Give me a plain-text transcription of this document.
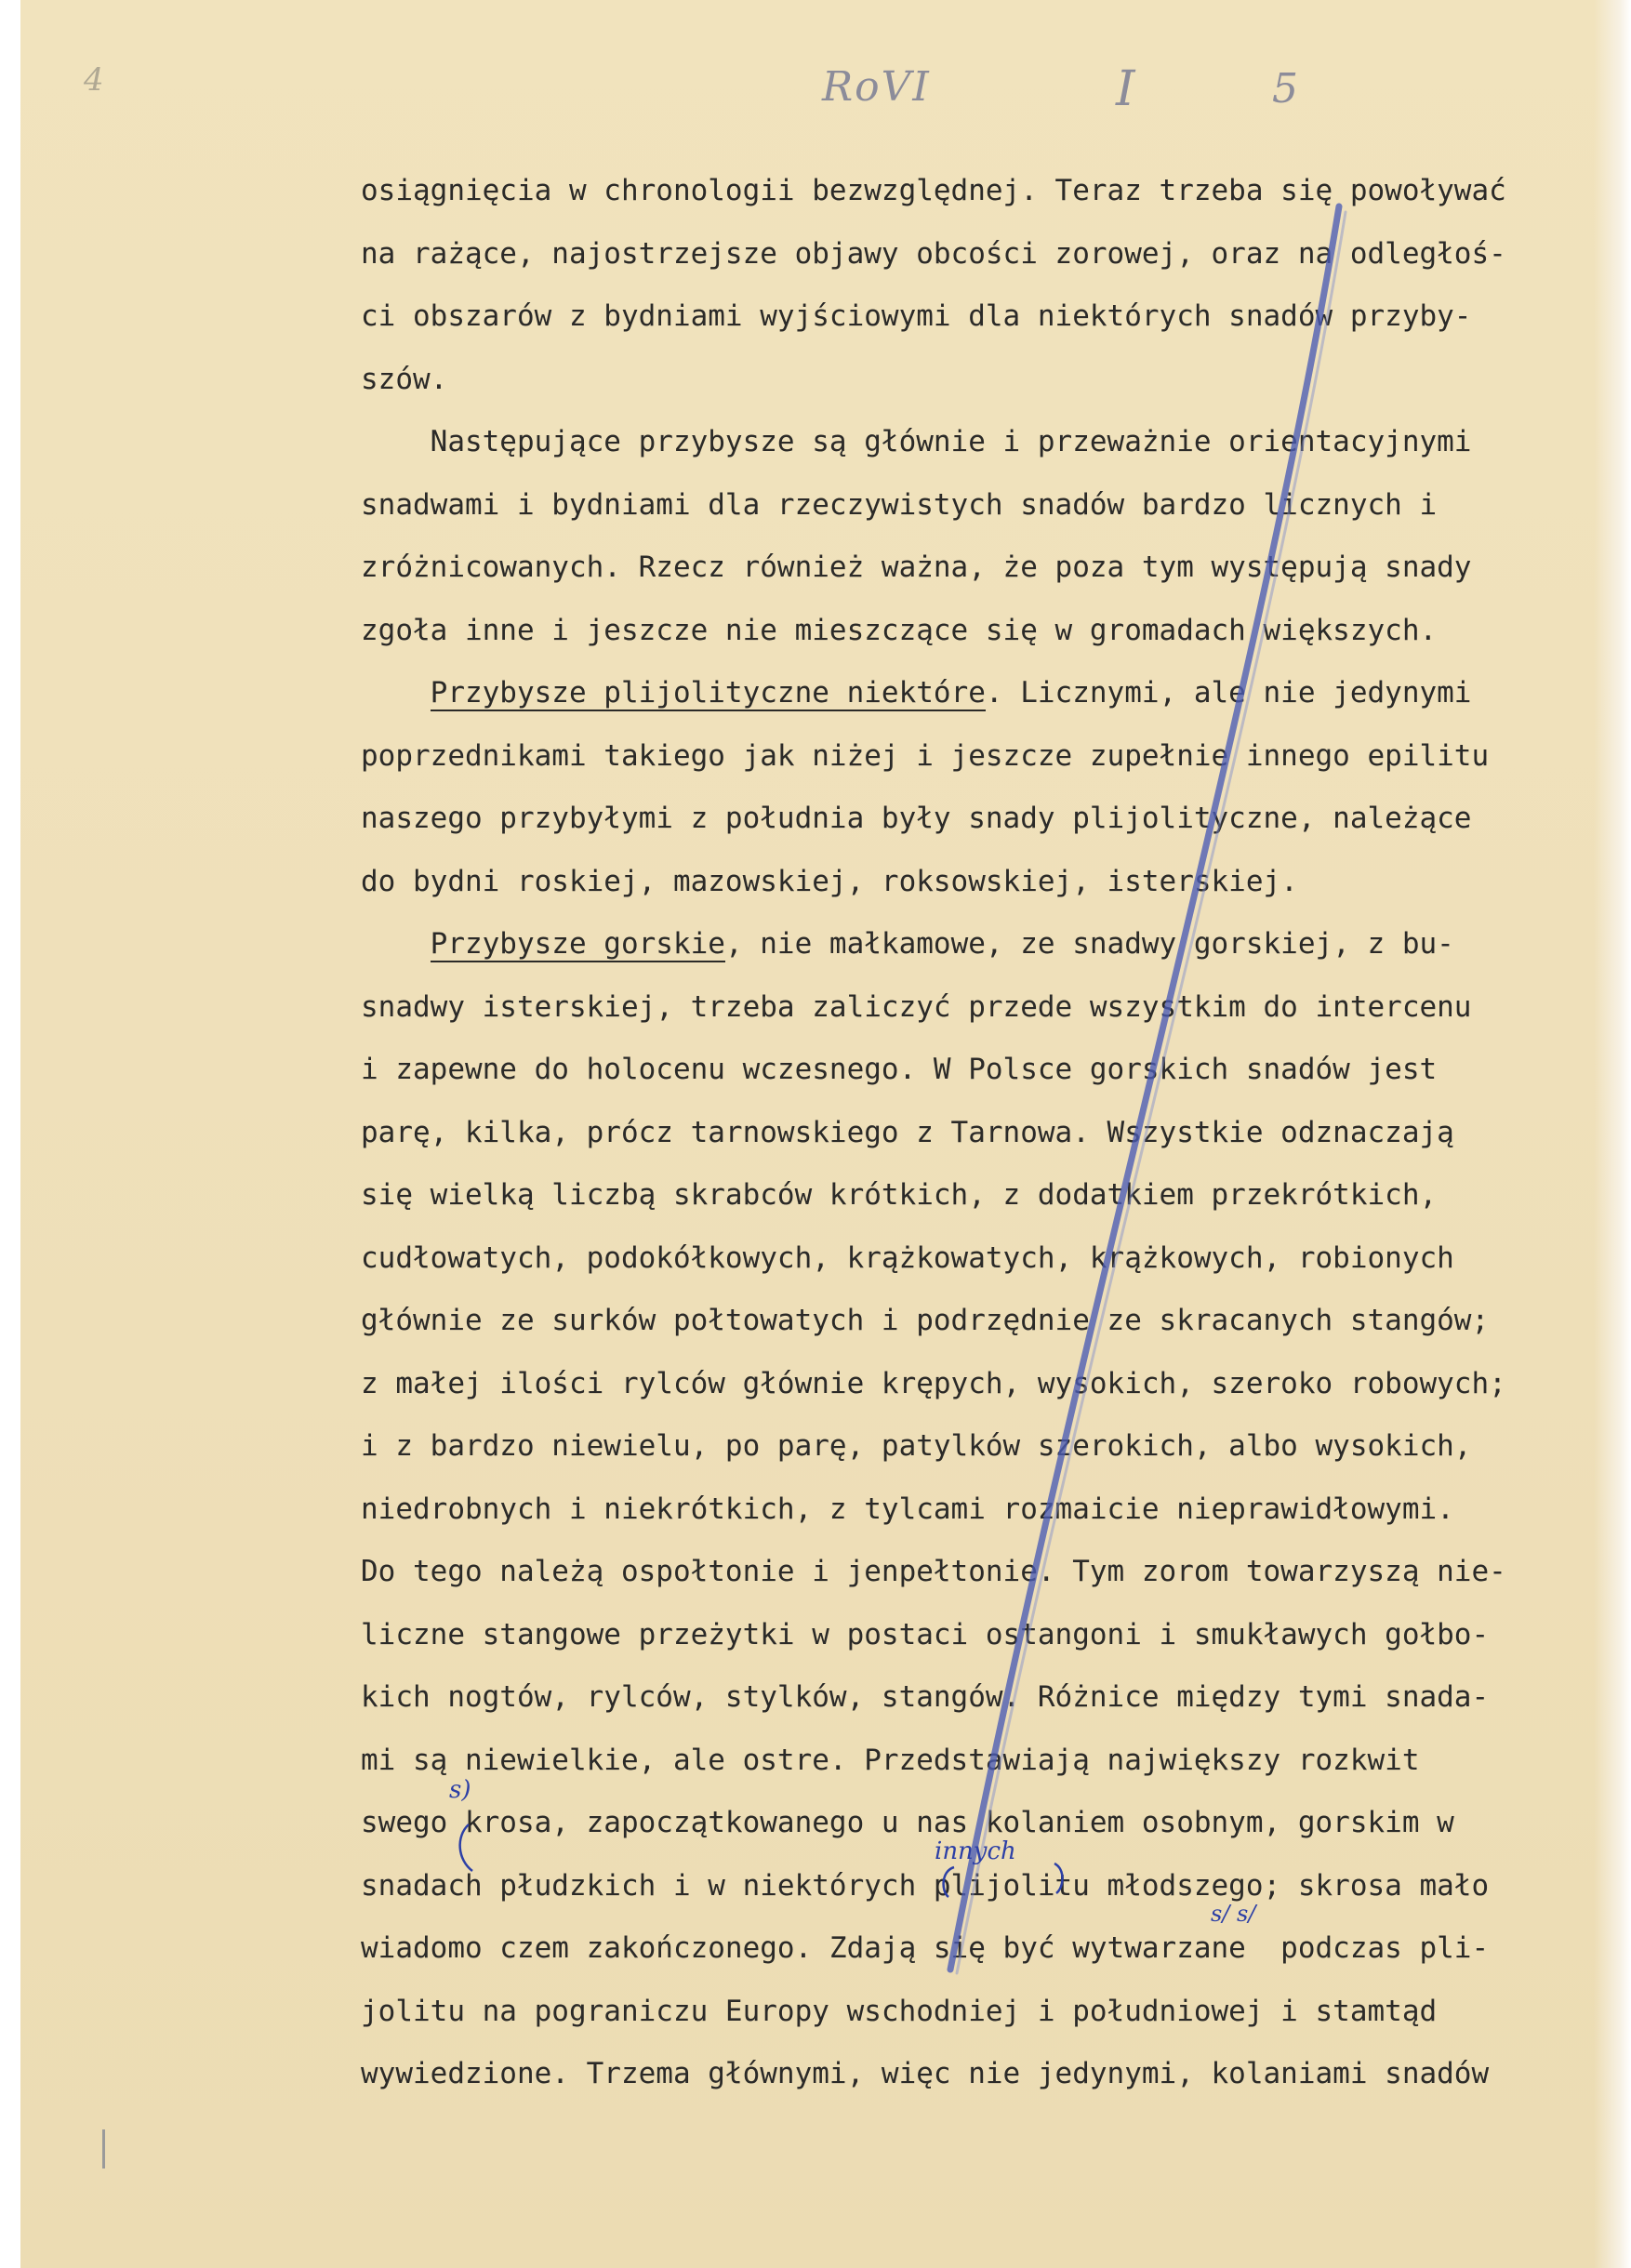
RoVI	I	5
4
osiągnięcia w chronologii bezwzględnej. Teraz trzeba się powoływać
na rażące, najostrzejsze objawy obcości zorowej, oraz na odległoś-
ci obszarów z bydniami wyjściowymi dla niektórych snadów przyby-
szów.
Następujące przybysze są głównie i przeważnie orientacyjnymi
snadwami i bydniami dla rzeczywistych snadów bardzo licznych i
zróżnicowanych. Rzecz również ważna, że poza tym występują snady
zgoła inne i jeszcze nie mieszczące się w gromadach większych.
Przybysze plijolityczne niektóre. Licznymi, ale nie jedynymi
poprzednikami takiego jak niżej i jeszcze zupełnie innego epilitu
naszego przybyłymi z południa były snady plijolityczne, należące
do bydni roskiej, mazowskiej, roksowskiej, isterskiej.
Przybysze gorskie, nie małkamowe, ze snadwy gorskiej, z bu-
snadwy isterskiej, trzeba zaliczyć przede wszystkim do intercenu
i zapewne do holocenu wczesnego. W Polsce gorskich snadów jest
parę, kilka, prócz tarnowskiego z Tarnowa. Wszystkie odznaczają
się wielką liczbą skrabców krótkich, z dodatkiem przekrótkich,
cudłowatych, podokółkowych, krążkowatych, krążkowych, robionych
głównie ze surków połtowatych i podrzędnie ze skracanych stangów;
z małej ilości rylców głównie krępych, wysokich, szeroko robowych;
i z bardzo niewielu, po parę, patylków szerokich, albo wysokich,
niedrobnych i niekrótkich, z tylcami rozmaicie nieprawidłowymi.
Do tego należą ospołtonie i jenpełtonie. Tym zorom towarzyszą nie-
liczne stangowe przeżytki w postaci ostangoni i smukławych gołbo-
kich nogtów, rylców, stylków, stangów. Różnice między tymi snada-
mi są niewielkie, ale ostre. Przedstawiają największy rozkwit
swego krosa, zapoczątkowanego u nas kolaniem osobnym, gorskim w
snadach płudzkich i w niektórych plijolitu młodszego; skrosa mało
wiadomo czem zakończonego. Zdają się być wytwarzane  podczas pli-
jolitu na pograniczu Europy wschodniej i południowej i stamtąd
wywiedzione. Trzema głównymi, więc nie jedynymi, kolaniami snadów
s)
innych
s/ s/
